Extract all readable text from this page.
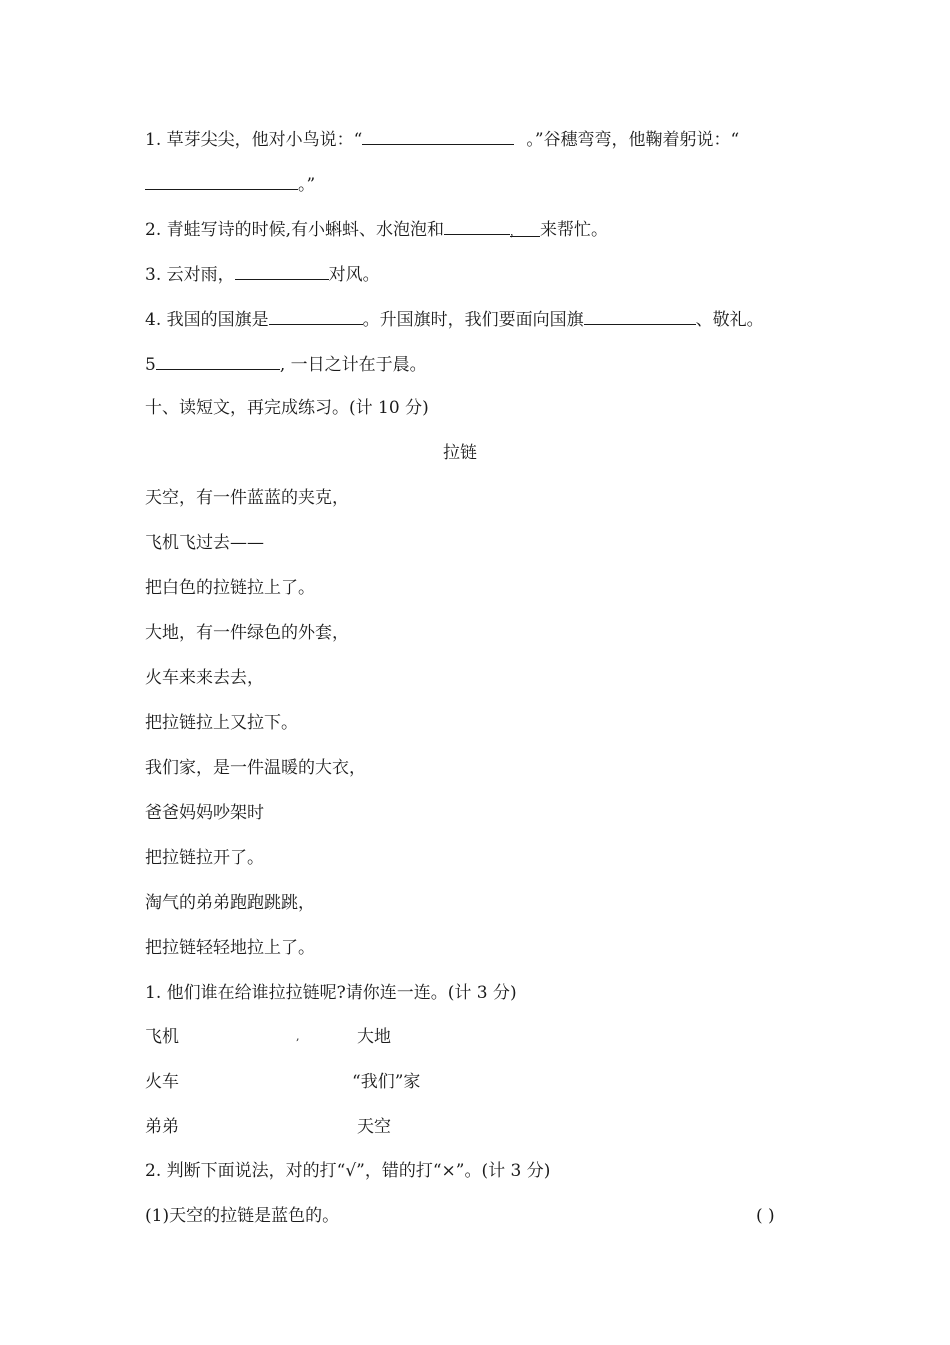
1. 草芽尖尖，他对小鸟说：“	。”谷穗弯弯，他鞠着躬说：“
。”
2. 青蛙写诗的时候,有小蝌蚪、水泡泡和	， 来帮忙。
3. 云对雨，	对风。
4. 我国的国旗是	。升国旗时，我们要面向国旗	、敬礼。
5	, 一日之计在于晨。
十、读短文，再完成练习。(计 10 分)
拉链
天空，有一件蓝蓝的夹克，
飞机飞过去——
把白色的拉链拉上了。
大地，有一件绿色的外套，
火车来来去去，
把拉链拉上又拉下。
我们家，是一件温暖的大衣，
爸爸妈妈吵架时
把拉链拉开了。
淘气的弟弟跑跑跳跳，
把拉链轻轻地拉上了。
1. 他们谁在给谁拉拉链呢?请你连一连。(计 3 分)
飞机	,	大地
火车	“我们”家
弟弟	天空
2. 判断下面说法，对的打“√”，错的打“×”。(计 3 分)
(1)天空的拉链是蓝色的。	( )
